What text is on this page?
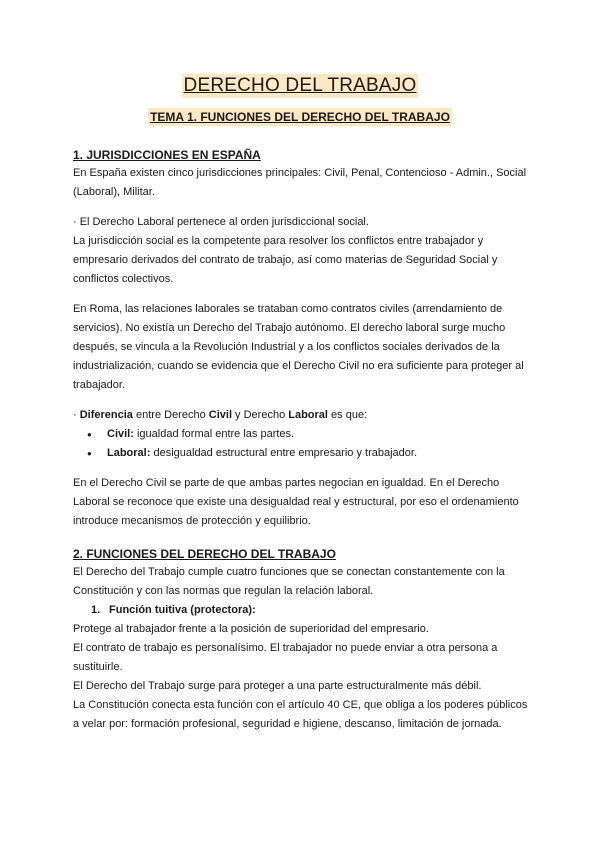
DERECHO DEL TRABAJO
TEMA 1. FUNCIONES DEL DERECHO DEL TRABAJO
1. JURISDICCIONES EN ESPAÑA

En España existen cinco jurisdicciones principales: Civil, Penal, Contencioso - Admin., Social (Laboral), Militar.

· El Derecho Laboral pertenece al orden jurisdiccional social.

La jurisdicción social es la competente para resolver los conflictos entre trabajador y empresario derivados del contrato de trabajo, así como materias de Seguridad Social y conflictos colectivos.

En Roma, las relaciones laborales se trataban como contratos civiles (arrendamiento de servicios). No existía un Derecho del Trabajo autónomo. El derecho laboral surge mucho después, se vincula a la Revolución Industrial y a los conflictos sociales derivados de la industrialización, cuando se evidencia que el Derecho Civil no era suficiente para proteger al trabajador.

· Diferencia entre Derecho Civil y Derecho Laboral es que:

● Civil: igualdad formal entre las partes.
● Laboral: desigualdad estructural entre empresario y trabajador.

En el Derecho Civil se parte de que ambas partes negocian en igualdad. En el Derecho Laboral se reconoce que existe una desigualdad real y estructural, por eso el ordenamiento introduce mecanismos de protección y equilibrio.

2. FUNCIONES DEL DERECHO DEL TRABAJO

El Derecho del Trabajo cumple cuatro funciones que se conectan constantemente con la Constitución y con las normas que regulan la relación laboral.

1. Función tuitiva (protectora):

Protege al trabajador frente a la posición de superioridad del empresario.

El contrato de trabajo es personalísimo. El trabajador no puede enviar a otra persona a sustituirle.

El Derecho del Trabajo surge para proteger a una parte estructuralmente más débil.

La Constitución conecta esta función con el artículo 40 CE, que obliga a los poderes públicos a velar por: formación profesional, seguridad e higiene, descanso, limitación de jornada.
